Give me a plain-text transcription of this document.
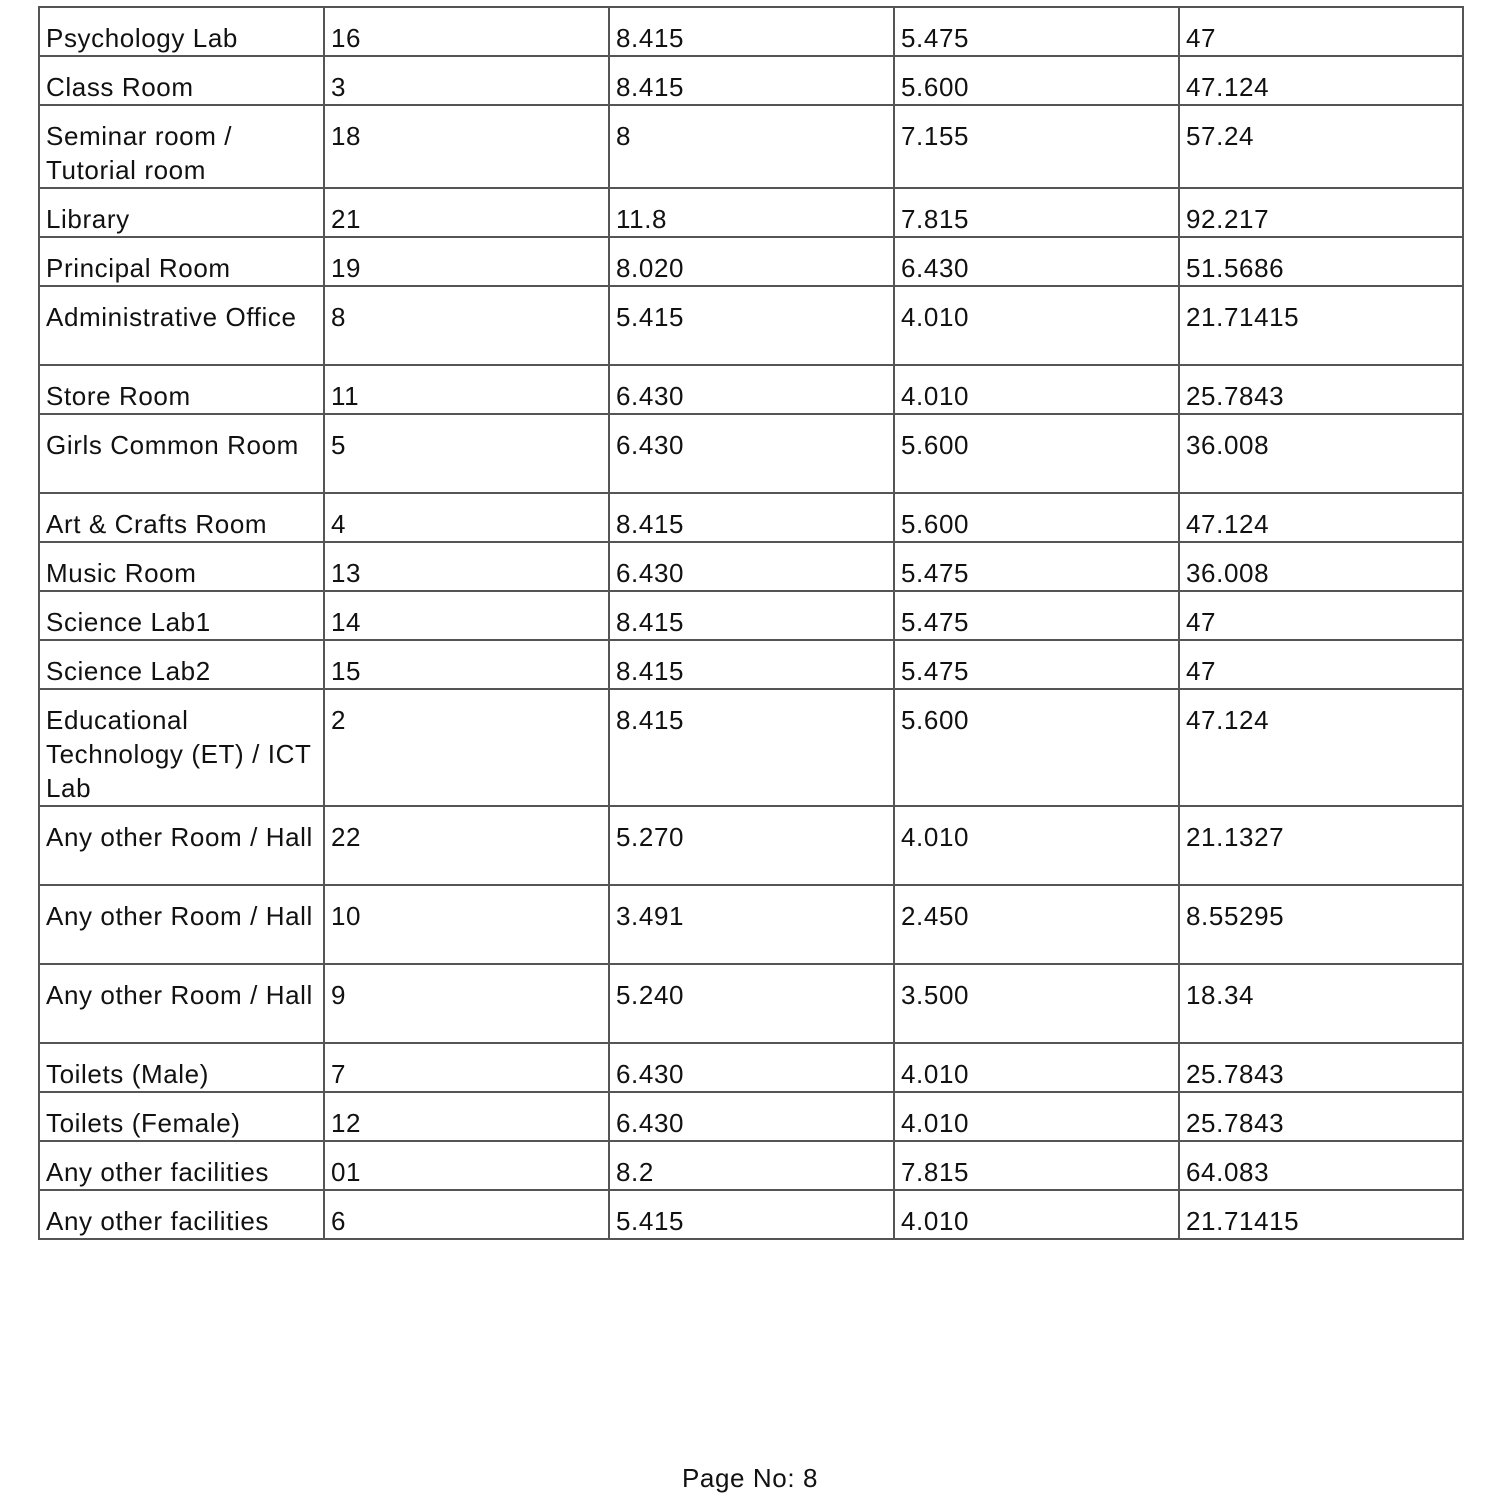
Psychology Lab	16	8.415	5.475	47
Class Room	3	8.415	5.600	47.124
Seminar room / Tutorial room	18	8	7.155	57.24
Library	21	11.8	7.815	92.217
Principal Room	19	8.020	6.430	51.5686
Administrative Office	8	5.415	4.010	21.71415
Store Room	11	6.430	4.010	25.7843
Girls Common Room	5	6.430	5.600	36.008
Art & Crafts Room	4	8.415	5.600	47.124
Music Room	13	6.430	5.475	36.008
Science Lab1	14	8.415	5.475	47
Science Lab2	15	8.415	5.475	47
Educational Technology (ET) / ICT Lab	2	8.415	5.600	47.124
Any other Room / Hall	22	5.270	4.010	21.1327
Any other Room / Hall	10	3.491	2.450	8.55295
Any other Room / Hall	9	5.240	3.500	18.34
Toilets (Male)	7	6.430	4.010	25.7843
Toilets (Female)	12	6.430	4.010	25.7843
Any other facilities	01	8.2	7.815	64.083
Any other facilities	6	5.415	4.010	21.71415
Page No: 8
